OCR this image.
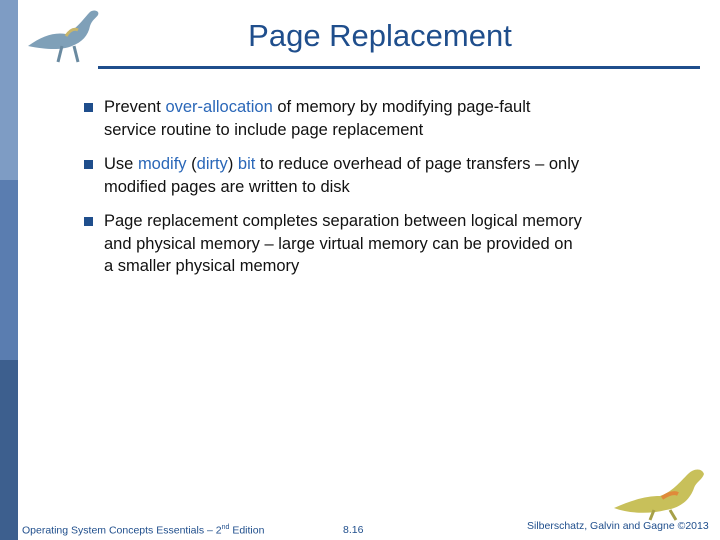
Page Replacement
Prevent over-allocation of memory by modifying page-fault service routine to include page replacement
Use modify (dirty) bit to reduce overhead of page transfers – only modified pages are written to disk
Page replacement completes separation between logical memory and physical memory – large virtual memory can be provided on a smaller physical memory
Operating System Concepts Essentials – 2nd Edition	8.16	Silberschatz, Galvin and Gagne ©2013
